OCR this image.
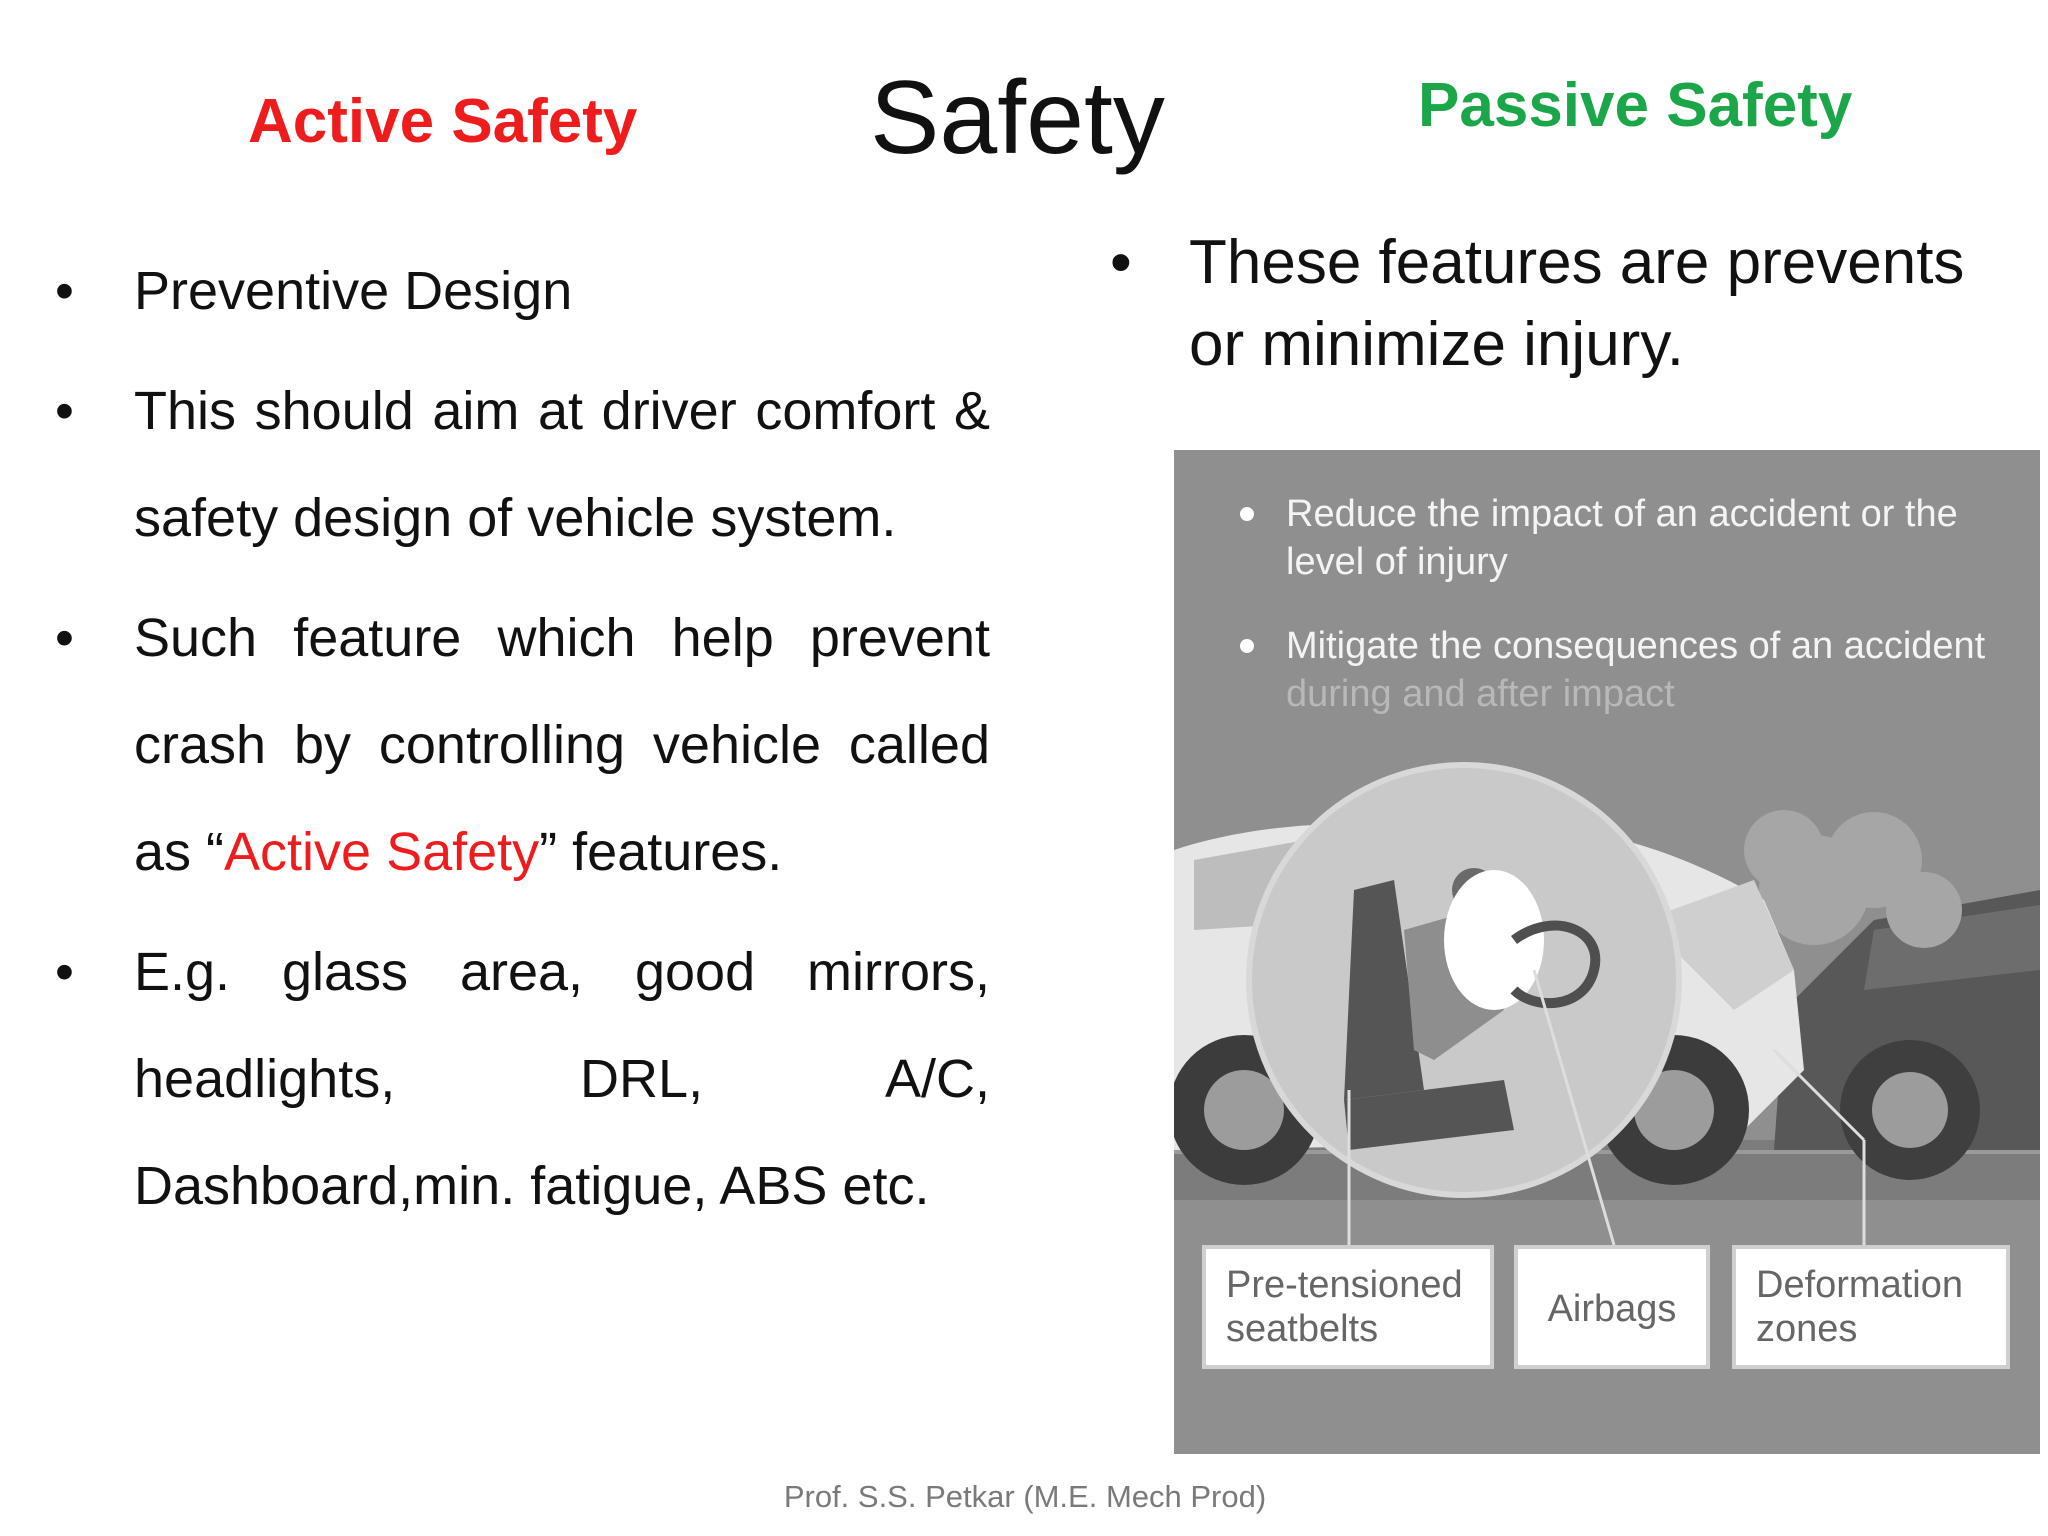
Active Safety Safety	Passive Safety
•	Preventive Design
•	This should aim at driver comfort & safety design of vehicle system.
•	Such feature which help prevent crash by controlling vehicle called as “Active Safety” features.
•	E.g. glass area, good mirrors, headlights, DRL, A/C, Dashboard,min. fatigue, ABS etc.
• These features are prevents or minimize injury.
Reduce the impact of an accident or the level of injury
Mitigate the consequences of an accident during and after impact
Pre-tensioned seatbelts	Airbags
Deformation zones
Prof. S.S. Petkar (M.E. Mech Prod)
